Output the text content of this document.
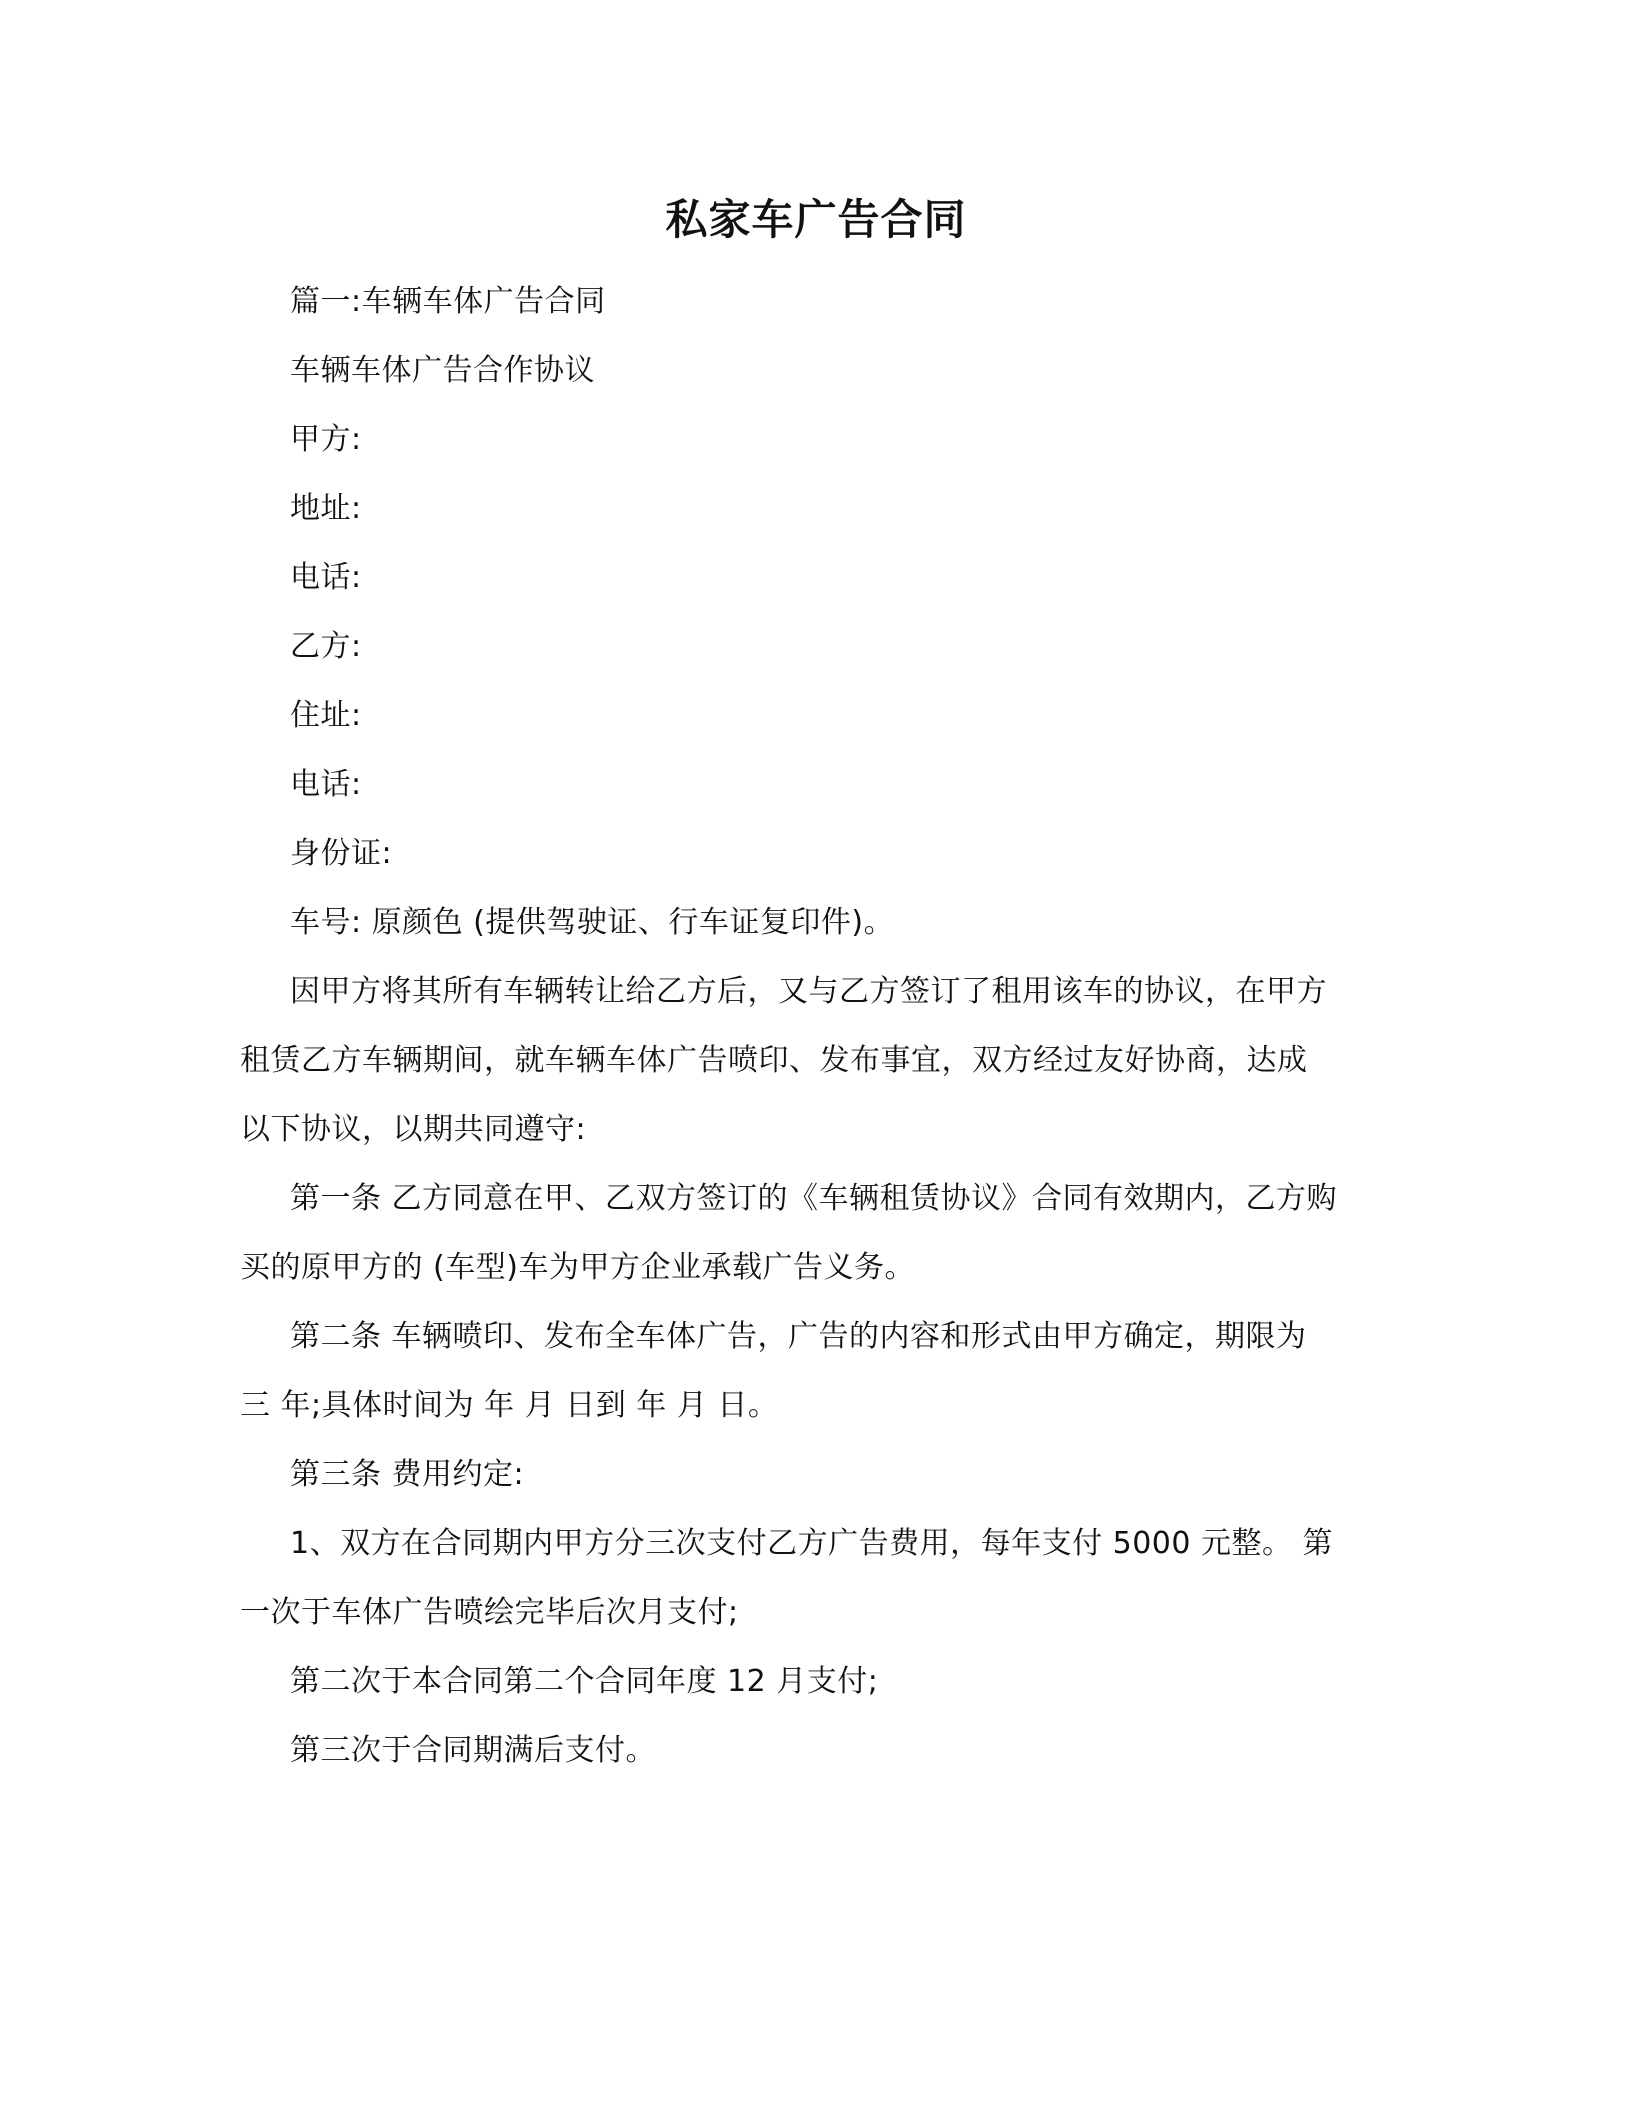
私家车广告合同
篇一:车辆车体广告合同
车辆车体广告合作协议
甲方:
地址:
电话:
乙方:
住址:
电话:
身份证:
车号: 原颜色 (提供驾驶证、行车证复印件)。
因甲方将其所有车辆转让给乙方后，又与乙方签订了租用该车的协议，在甲方
租赁乙方车辆期间，就车辆车体广告喷印、发布事宜，双方经过友好协商，达成
以下协议，以期共同遵守:
第一条 乙方同意在甲、乙双方签订的《车辆租赁协议》合同有效期内，乙方购
买的原甲方的 (车型)车为甲方企业承载广告义务。
第二条 车辆喷印、发布全车体广告，广告的内容和形式由甲方确定，期限为
三 年;具体时间为 年 月 日到 年 月 日。
第三条 费用约定:
1、双方在合同期内甲方分三次支付乙方广告费用，每年支付 5000 元整。 第
一次于车体广告喷绘完毕后次月支付;
第二次于本合同第二个合同年度 12 月支付;
第三次于合同期满后支付。
